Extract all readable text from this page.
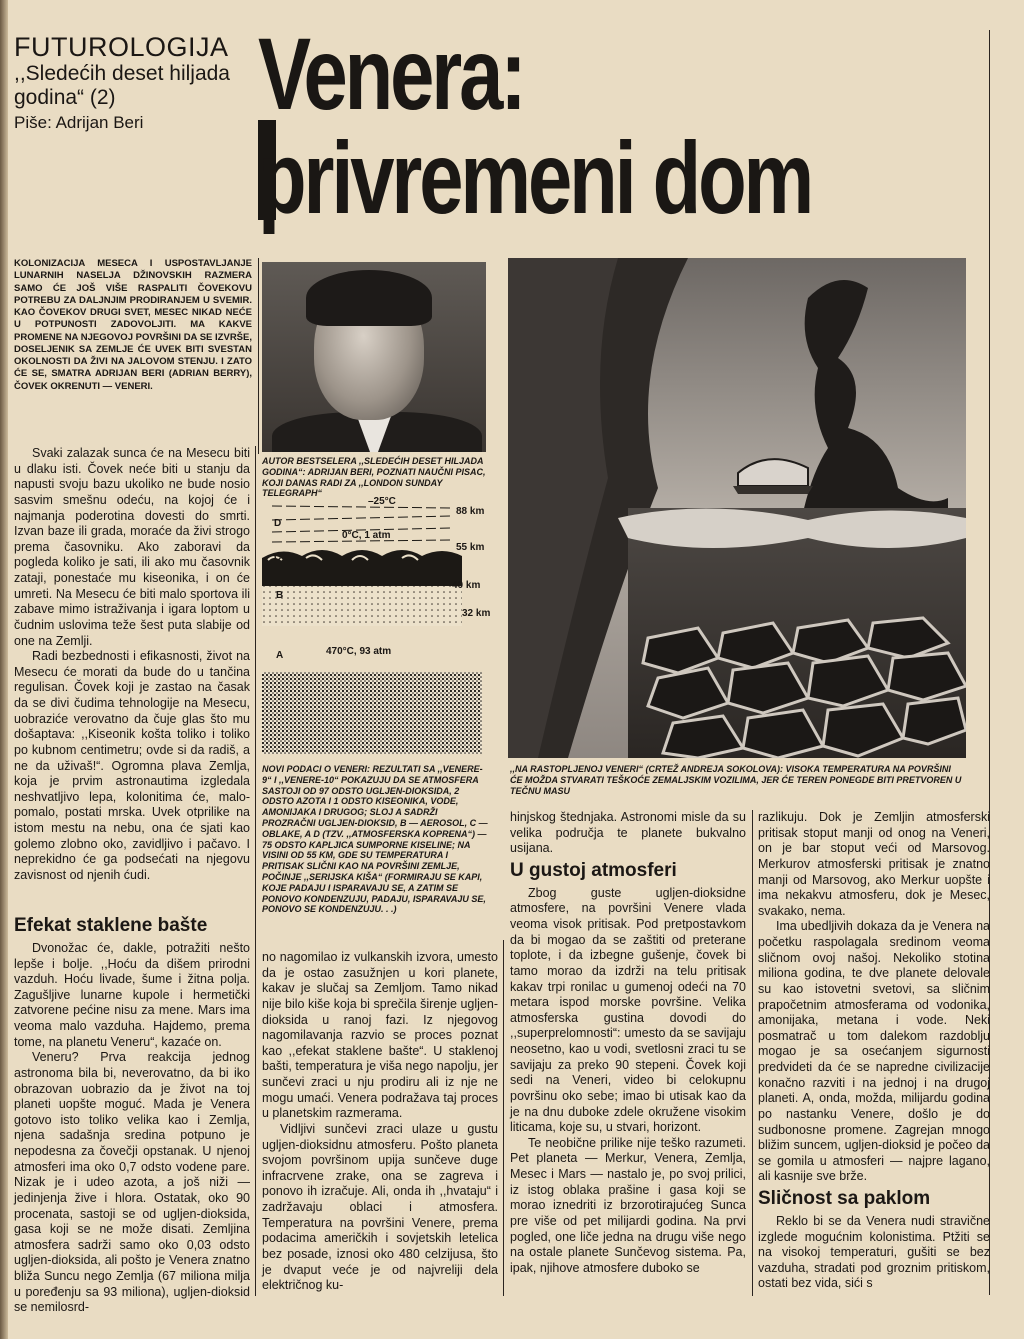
FUTUROLOGIJA
,,Sledećih deset hiljada godina“ (2)
Piše: Adrijan Beri	Venera:
privremeni dom
KOLONIZACIJA MESECA I USPOSTAVLJANJE LUNARNIH NASELJA DŽINOVSKIH RAZMERA SAMO ĆE JOŠ VIŠE RASPALITI ČOVEKOVU POTREBU ZA DALJNJIM PRODIRANJEM U SVEMIR. KAO ČOVEKOV DRUGI SVET, MESEC NIKAD NEĆE U POTPUNOSTI ZADOVOLJITI. MA KAKVE PROMENE NA NJEGOVOJ POVRŠINI DA SE IZVRŠE, DOSELJENIK SA ZEMLJE ĆE UVEK BITI SVESTAN OKOLNOSTI DA ŽIVI NA JALOVOM STENJU. I ZATO ĆE SE, SMATRA ADRIJAN BERI (ADRIAN BERRY), ČOVEK OKRENUTI — VENERI.
AUTOR BESTSELERA ,,SLEDEĆIH DESET HILJADA GODINA“: ADRIJAN BERI, POZNATI NAUČNI PISAC, KOJI DANAS RADI ZA ,,LONDON SUNDAY TELEGRAPH“
D
C
B
A
–25°C
0°C, 1 atm
470°C, 93 atm
88 km
55 km
40 km
32 km
NOVI PODACI O VENERI: REZULTATI SA ,,VENERE-9“ I ,,VENERE-10“ POKAZUJU DA SE ATMOSFERA SASTOJI OD 97 ODSTO UGLJEN-DIOKSIDA, 2 ODSTO AZOTA I 1 ODSTO KISEONIKA, VODE, AMONIJAKA I DRUGOG; SLOJ A SADRŽI PROZRAČNI UGLJEN-DIOKSID, B — AEROSOL, C — OBLAKE, A D (TZV. ,,ATMOSFERSKA KOPRENA“) — 75 ODSTO KAPLJICA SUMPORNE KISELINE; NA VISINI OD 55 KM, GDE SU TEMPERATURA I PRITISAK SLIČNI KAO NA POVRŠINI ZEMLJE, POČINJE ,,SERIJSKA KIŠA“ (FORMIRAJU SE KAPI, KOJE PADAJU I ISPARAVAJU SE, A ZATIM SE PONOVO KONDENZUJU, PADAJU, ISPARAVAJU SE, PONOVO SE KONDENZUJU. . .)
,,NA RASTOPLJENOJ VENERI“ (CRTEŽ ANDREJA SOKOLOVA): VISOKA TEMPERATURA NA POVRŠINI ĆE MOŽDA STVARATI TEŠKOĆE ZEMALJSKIM VOZILIMA, JER ĆE TEREN PONEGDE BITI PRETVOREN U TEČNU MASU

Svaki zalazak sunca će na Mesecu biti u dlaku isti. Čovek neće biti u stanju da napusti svoju bazu ukoliko ne bude nosio sasvim smešnu odeću, na kojoj će i najmanja poderotina dovesti do smrti. Izvan baze ili grada, moraće da živi strogo prema časovniku. Ako zaboravi da pogleda koliko je sati, ili ako mu časovnik zataji, ponestaće mu kiseonika, i on će umreti. Na Mesecu će biti malo sportova ili zabave mimo istraživanja i igara loptom u čudnim uslovima teže šest puta slabije od one na Zemlji.

Radi bezbednosti i efikasnosti, život na Mesecu će morati da bude do u tančina regulisan. Čovek koji je zastao na časak da se divi čudima tehnologije na Mesecu, uobraziće verovatno da čuje glas što mu došaptava: ,,Kiseonik košta toliko i toliko po kubnom centimetru; ovde si da radiš, a ne da uživaš!“. Ogromna plava Zemlja, koja je prvim astronautima izgledala neshvatljivo lepa, kolonitima će, malo-pomalo, postati mrska. Uvek otprilike na istom mestu na nebu, ona će sjati kao golemo zlobno oko, zavidljivo i pačavo. I neprekidno će ga podsećati na njegovu zavisnost od njenih ćudi.

Efekat staklene bašte

Dvonožac će, dakle, potražiti nešto lepše i bolje. ,,Hoću da dišem prirodni vazduh. Hoću livade, šume i žitna polja. Zagušljive lunarne kupole i hermetički zatvorene pećine nisu za mene. Mars ima veoma malo vazduha. Hajdemo, prema tome, na planetu Veneru“, kazaće on.

Veneru? Prva reakcija jednog astronoma bila bi, neverovatno, da bi iko obrazovan uobrazio da je život na toj planeti uopšte moguć. Mada je Venera gotovo isto toliko velika kao i Zemlja, njena sadašnja sredina potpuno je nepodesna za čovečji opstanak. U njenoj atmosferi ima oko 0,7 odsto vodene pare. Nizak je i udeo azota, a još niži — jedinjenja žive i hlora. Ostatak, oko 90 procenata, sastoji se od ugljen-dioksida, gasa koji se ne može disati. Zemljina atmosfera sadrži samo oko 0,03 odsto ugljen-dioksida, ali pošto je Venera znatno bliža Suncu nego Zemlja (67 miliona milja u poređenju sa 93 miliona), ugljen-dioksid se nemilosrd-

no nagomilao iz vulkanskih izvora, umesto da je ostao zasužnjen u kori planete, kakav je slučaj sa Zemljom. Tamo nikad nije bilo kiše koja bi sprečila širenje ugljen-dioksida u ranoj fazi. Iz njegovog nagomilavanja razvio se proces poznat kao ,,efekat staklene bašte“. U staklenoj bašti, temperatura je viša nego napolju, jer sunčevi zraci u nju prodiru ali iz nje ne mogu umaći. Venera podražava taj proces u planetskim razmerama.

Vidljivi sunčevi zraci ulaze u gustu ugljen-dioksidnu atmosferu. Pošto planeta svojom površinom upija sunčeve duge infracrvene zrake, ona se zagreva i ponovo ih izračuje. Ali, onda ih ,,hvataju“ i zadržavaju oblaci i atmosfera. Temperatura na površini Venere, prema podacima američkih i sovjetskih letelica bez posade, iznosi oko 480 celzijusa, što je dvaput veće je od najvreliji dela električnog ku-

hinjskog štednjaka. Astronomi misle da su velika područja te planete bukvalno usijana.

U gustoj atmosferi

Zbog guste ugljen-dioksidne atmosfere, na površini Venere vlada veoma visok pritisak. Pod pretpostavkom da bi mogao da se zaštiti od preterane toplote, i da izbegne gušenje, čovek bi tamo morao da izdrži na telu pritisak kakav trpi ronilac u gumenoj odeći na 70 metara ispod morske površine. Velika atmosferska gustina dovodi do ,,superprelomnosti“: umesto da se savijaju neosetno, kao u vodi, svetlosni zraci tu se savijaju za preko 90 stepeni. Čovek koji sedi na Veneri, video bi celokupnu površinu oko sebe; imao bi utisak kao da je na dnu duboke zdele okružene visokim liticama, koje su, u stvari, horizont.

Te neobične prilike nije teško razumeti. Pet planeta — Merkur, Venera, Zemlja, Mesec i Mars — nastalo je, po svoj prilici, iz istog oblaka prašine i gasa koji se morao iznedriti iz brzorotirajućeg Sunca pre više od pet milijardi godina. Na prvi pogled, one liče jedna na drugu više nego na ostale planete Sunčevog sistema. Pa, ipak, njihove atmosfere duboko se

razlikuju. Dok je Zemljin atmosferski pritisak stoput manji od onog na Veneri, on je bar stoput veći od Marsovog. Merkurov atmosferski pritisak je znatno manji od Marsovog, ako Merkur uopšte i ima nekakvu atmosferu, dok je Mesec, svakako, nema.

Ima ubedljivih dokaza da je Venera na početku raspolagala sredinom veoma sličnom ovoj našoj. Nekoliko stotina miliona godina, te dve planete delovale su kao istovetni svetovi, sa sličnim prapočetnim atmosferama od vodonika, amonijaka, metana i vode. Neki posmatrač u tom dalekom razdoblju mogao je sa osećanjem sigurnosti predvideti da će se napredne civilizacije konačno razviti i na jednoj i na drugoj planeti. A, onda, možda, milijardu godina po nastanku Venere, došlo je do sudbonosne promene. Zagrejan mnogo bližim suncem, ugljen-dioksid je počeo da se gomila u atmosferi — najpre lagano, ali kasnije sve brže.

Sličnost sa paklom

Reklo bi se da Venera nudi stravične izglede mogućnim kolonistima. Ptžiti se na visokoj temperaturi, gušiti se bez vazduha, stradati pod groznim pritiskom, ostati bez vida, sići s
